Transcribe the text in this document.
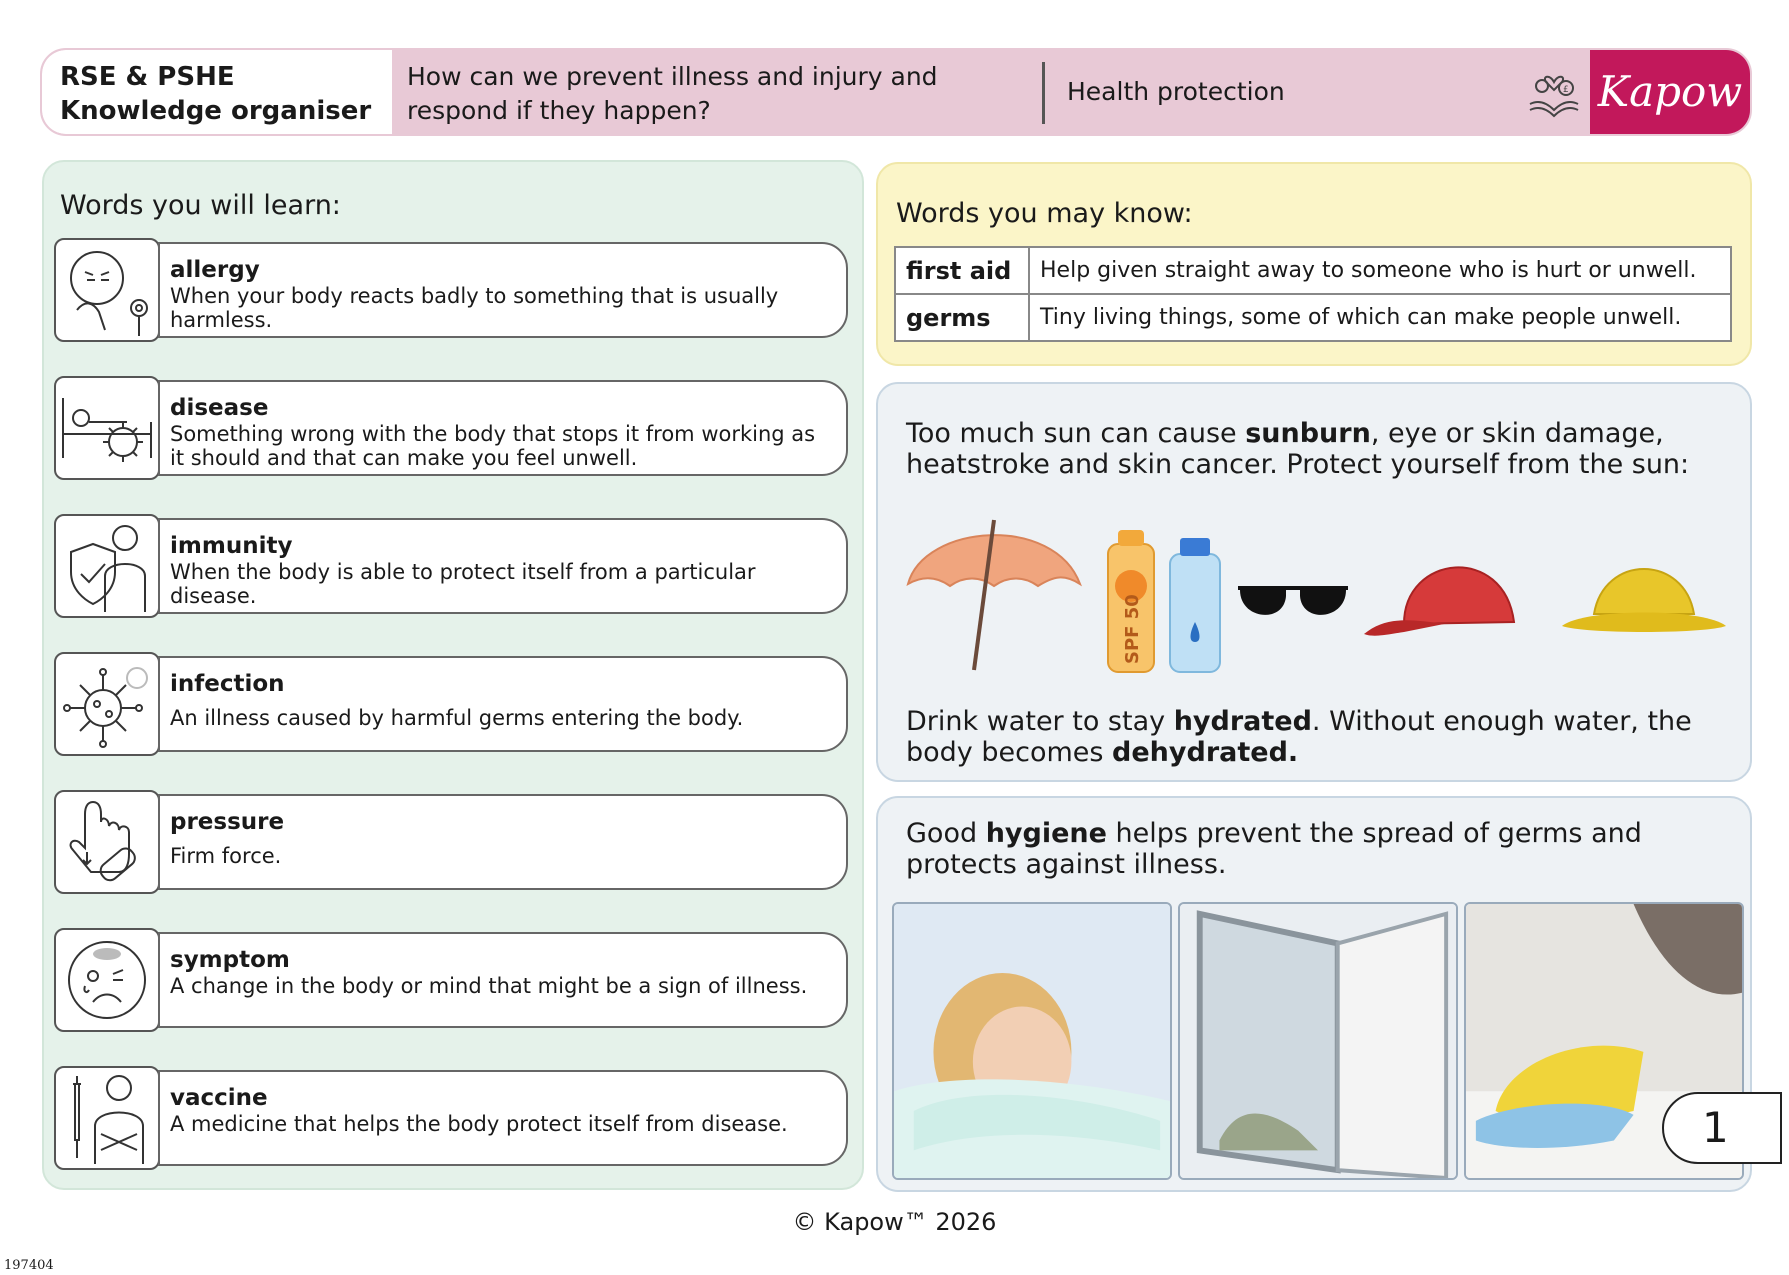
RSE & PSHE
Knowledge organiser
How can we prevent illness and injury and respond if they happen?
Health protection	£ Kapow
Words you will learn:
allergy
When your body reacts badly to something that is usually harmless.
disease
Something wrong with the body that stops it from working as it should and that can make you feel unwell.
immunity
When the body is able to protect itself from a particular disease.
infection
An illness caused by harmful germs entering the body.
pressure
Firm force.
symptom
A change in the body or mind that might be a sign of illness.
vaccine
A medicine that helps the body protect itself from disease.
Words you may know:
first aid	Help given straight away to someone who is hurt or unwell.
germs	Tiny living things, some of which can make people unwell.
Too much sun can cause sunburn, eye or skin damage, heatstroke and skin cancer. Protect yourself from the sun:
SPF 50
Drink water to stay hydrated. Without enough water, the body becomes dehydrated.
Good hygiene helps prevent the spread of germs and protects against illness.
1
© Kapow™ 2026
197404
